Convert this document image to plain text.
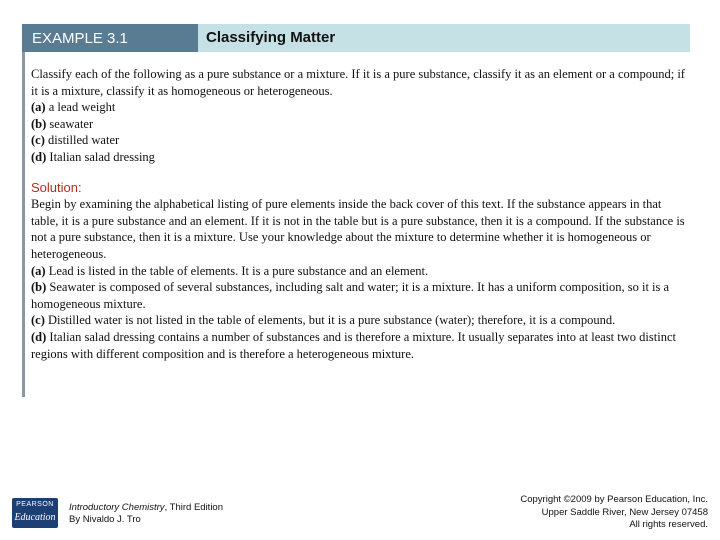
EXAMPLE 3.1	Classifying Matter

Classify each of the following as a pure substance or a mixture. If it is a pure substance, classify it as an element or a compound; if it is a mixture, classify it as homogeneous or heterogeneous.

(a) a lead weight

(b) seawater

(c) distilled water

(d) Italian salad dressing

Solution:

Begin by examining the alphabetical listing of pure elements inside the back cover of this text. If the substance appears in that table, it is a pure substance and an element. If it is not in the table but is a pure substance, then it is a compound. If the substance is not a pure substance, then it is a mixture. Use your knowledge about the mixture to determine whether it is homogeneous or heterogeneous.

(a) Lead is listed in the table of elements. It is a pure substance and an element.

(b) Seawater is composed of several substances, including salt and water; it is a mixture. It has a uniform composition, so it is a homogeneous mixture.

(c) Distilled water is not listed in the table of elements, but it is a pure substance (water); therefore, it is a compound.

(d) Italian salad dressing contains a number of substances and is therefore a mixture. It usually separates into at least two distinct regions with different composition and is therefore a heterogeneous mixture.

PEARSON
Education
Introductory Chemistry, Third Edition
By Nivaldo J. Tro
Copyright ©2009 by Pearson Education, Inc.
Upper Saddle River, New Jersey 07458
All rights reserved.
